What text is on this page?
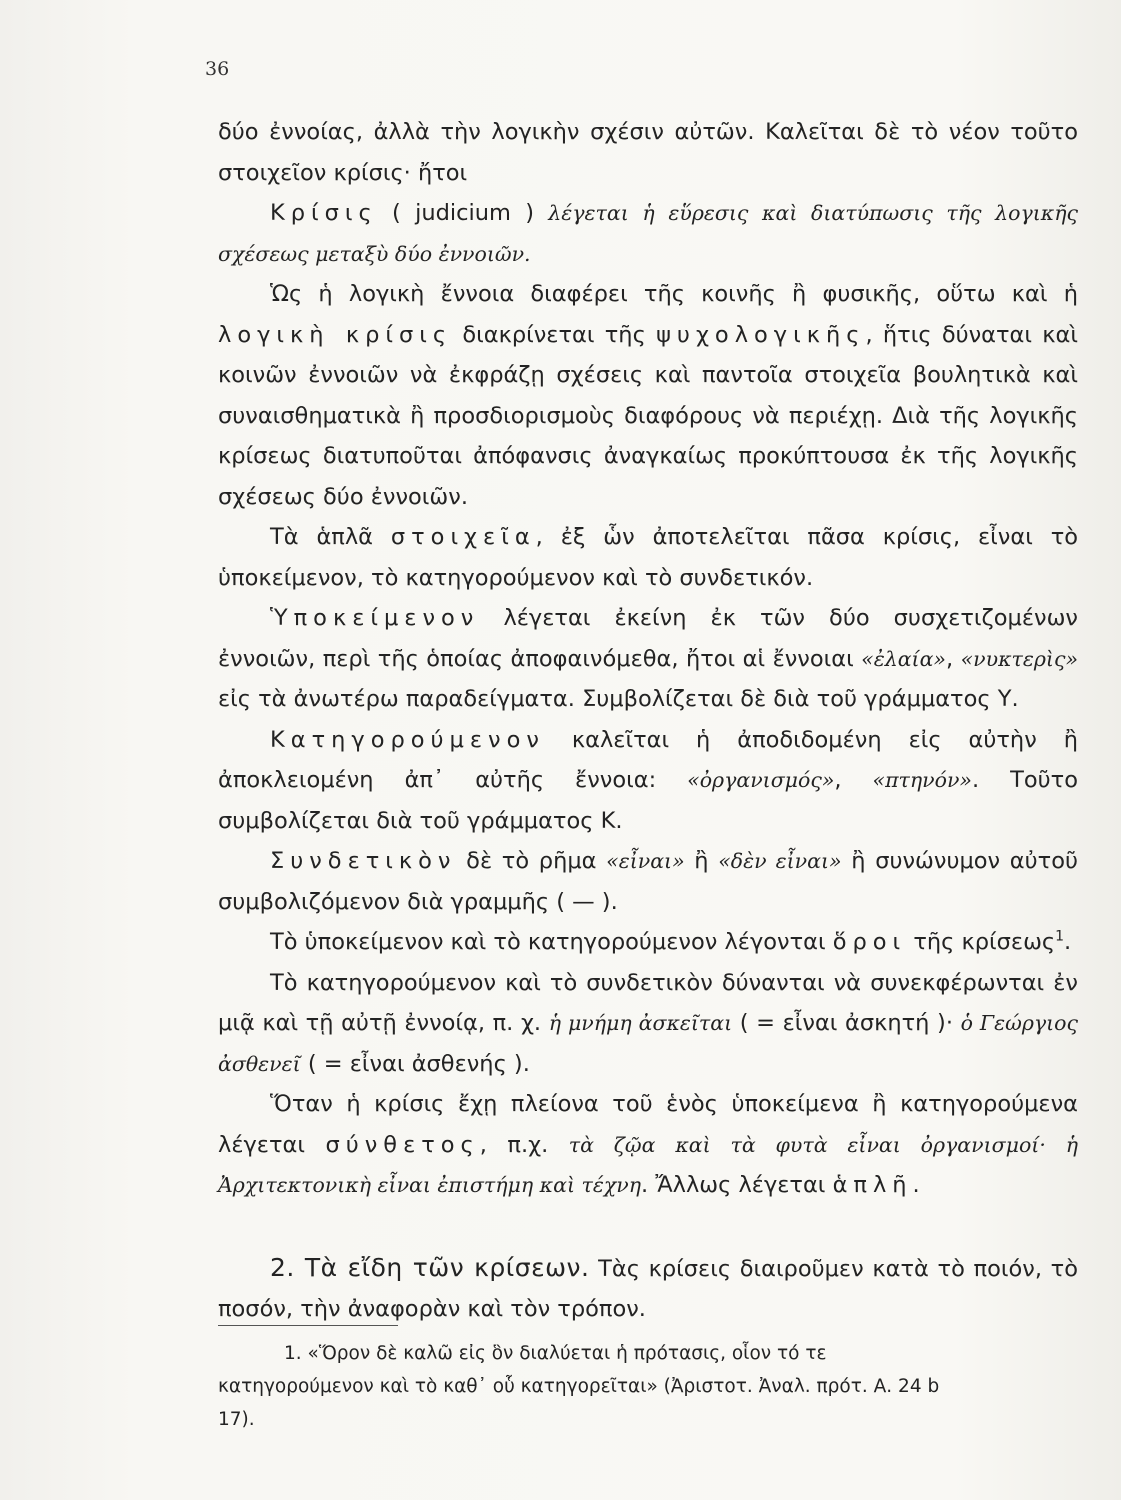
36

δύο ἐννοίας, ἀλλὰ τὴν λογικὴν σχέσιν αὐτῶν. Καλεῖται δὲ τὸ νέον τοῦτο στοιχεῖον κρίσις· ἤτοι

Κρίσις ( judicium ) λέγεται ἡ εὕρεσις καὶ διατύπωσις τῆς λογικῆς σχέσεως μεταξὺ δύο ἐννοιῶν.

Ὡς ἡ λογικὴ ἔννοια διαφέρει τῆς κοινῆς ἢ φυσικῆς, οὕτω καὶ ἡ λογικὴ κρίσις διακρίνεται τῆς ψυχολογικῆς, ἥτις δύναται καὶ κοινῶν ἐννοιῶν νὰ ἐκφράζῃ σχέσεις καὶ παντοῖα στοιχεῖα βουλητικὰ καὶ συναισθηματικὰ ἢ προσδιορισμοὺς διαφόρους νὰ περιέχῃ. Διὰ τῆς λογικῆς κρίσεως διατυποῦται ἀπόφανσις ἀναγκαίως προκύπτουσα ἐκ τῆς λογικῆς σχέσεως δύο ἐννοιῶν.

Τὰ ἁπλᾶ στοιχεῖα, ἐξ ὧν ἀποτελεῖται πᾶσα κρίσις, εἶναι τὸ ὑποκείμενον, τὸ κατηγορούμενον καὶ τὸ συνδετικόν.

Ὑποκείμενον λέγεται ἐκείνη ἐκ τῶν δύο συσχετιζομένων ἐννοιῶν, περὶ τῆς ὁποίας ἀποφαινόμεθα, ἤτοι αἱ ἔννοιαι «ἐλαία», «νυκτερὶς» εἰς τὰ ἀνωτέρω παραδείγματα. Συμβολίζεται δὲ διὰ τοῦ γράμματος Υ.

Κατηγορούμενον καλεῖται ἡ ἀποδιδομένη εἰς αὐτὴν ἢ ἀποκλειομένη ἀπ᾽ αὐτῆς ἔννοια: «ὀργανισμός», «πτηνόν». Τοῦτο συμβολίζεται διὰ τοῦ γράμματος Κ.

Συνδετικὸν δὲ τὸ ρῆμα «εἶναι» ἢ «δὲν εἶναι» ἢ συνώνυμον αὐτοῦ συμβολιζόμενον διὰ γραμμῆς ( — ).

Τὸ ὑποκείμενον καὶ τὸ κατηγορούμενον λέγονται ὅροι τῆς κρίσεως$^1$.

Τὸ κατηγορούμενον καὶ τὸ συνδετικὸν δύνανται νὰ συνεκφέρωνται ἐν μιᾷ καὶ τῇ αὐτῇ ἐννοίᾳ, π. χ. ἡ μνήμη ἀσκεῖται ( = εἶναι ἀσκητή )· ὁ Γεώργιος ἀσθενεῖ ( = εἶναι ἀσθενής ).

Ὅταν ἡ κρίσις ἔχῃ πλείονα τοῦ ἑνὸς ὑποκείμενα ἢ κατηγορούμενα λέγεται σύνθετος, π.χ. τὰ ζῷα καὶ τὰ φυτὰ εἶναι ὀργανισμοί· ἡ Ἀρχιτεκτονικὴ εἶναι ἐπιστήμη καὶ τέχνη. Ἄλλως λέγεται ἁπλῆ.

2. Τὰ εἴδη τῶν κρίσεων. Τὰς κρίσεις διαιροῦμεν κατὰ τὸ ποιόν, τὸ ποσόν, τὴν ἀναφορὰν καὶ τὸν τρόπον.

1. «Ὅρον δὲ καλῶ εἰς ὃν διαλύεται ἡ πρότασις, οἷον τό τε κατηγορούμενον καὶ τὸ καθ᾽ οὗ κατηγορεῖται» (Ἀριστοτ. Ἀναλ. πρότ. Α. 24 b 17).
